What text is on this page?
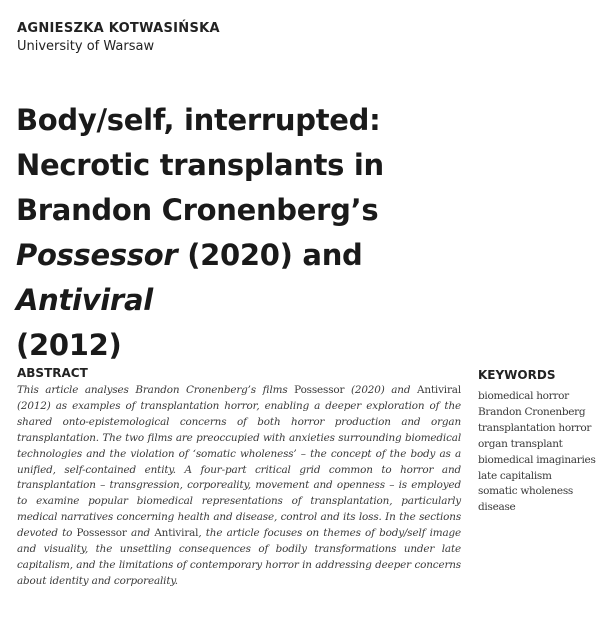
AGNIESZKA KOTWASIŃSKA
University of Warsaw
Body/self, interrupted:
Necrotic transplants in
Brandon Cronenberg’s
Possessor (2020) and Antiviral
(2012)
ABSTRACT
This article analyses Brandon Cronenberg’s films Possessor (2020) and Antiviral (2012) as examples of transplantation horror, enabling a deeper exploration of the shared onto-epistemological concerns of both horror production and organ transplantation. The two films are preoccupied with anxieties surrounding biomedical technologies and the violation of ‘somatic wholeness’ – the concept of the body as a unified, self-contained entity. A four-part critical grid common to horror and transplantation – transgression, corporeality, movement and openness – is employed to examine popular biomedical representations of transplantation, particularly medical narratives concerning health and disease, control and its loss. In the sections devoted to Possessor and Antiviral, the article focuses on themes of body/self image and visuality, the unsettling consequences of bodily transformations under late capitalism, and the limitations of contemporary horror in addressing deeper concerns about identity and corporeality.
KEYWORDS
biomedical horror
Brandon Cronenberg
transplantation horror
organ transplant
biomedical imaginaries
late capitalism
somatic wholeness
disease
